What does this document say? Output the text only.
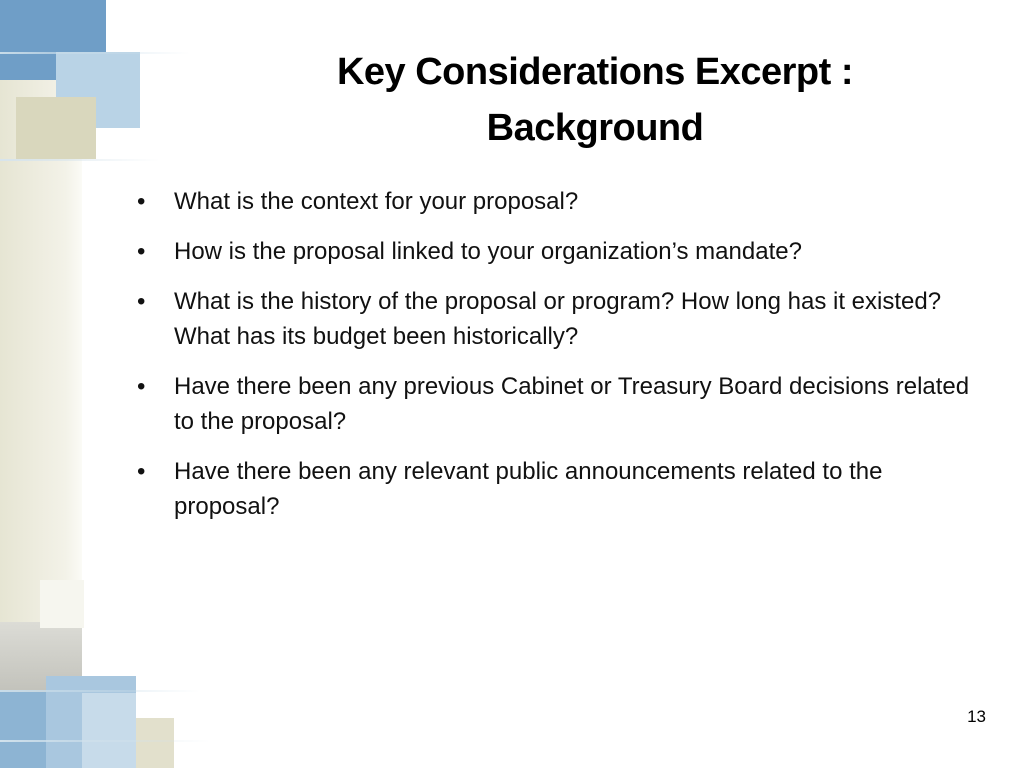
Key Considerations Excerpt :
Background
• What is the context for your proposal?
• How is the proposal linked to your organization’s mandate?
• What is the history of the proposal or program? How long has it existed? What has its budget been historically?
• Have there been any previous Cabinet or Treasury Board decisions related to the proposal?
• Have there been any relevant public announcements related to the proposal?
13
